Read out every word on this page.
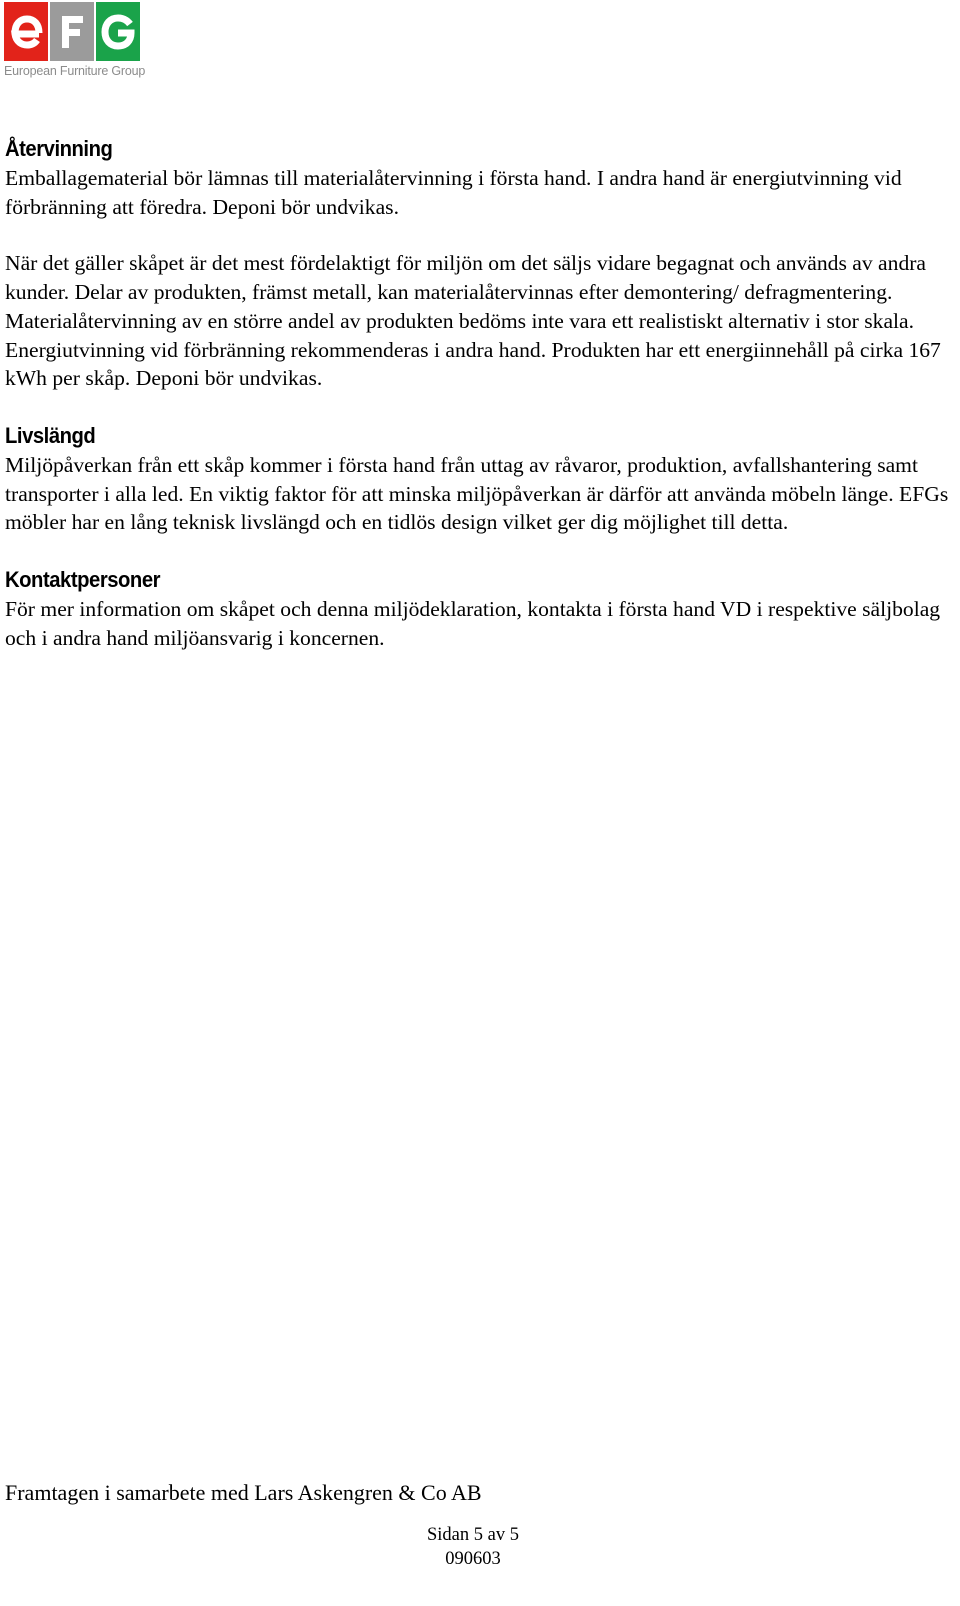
European Furniture Group
Återvinning

Emballagematerial bör lämnas till materialåtervinning i första hand. I andra hand är energiutvinning vid förbränning att föredra. Deponi bör undvikas.

När det gäller skåpet är det mest fördelaktigt för miljön om det säljs vidare begagnat och används av andra kunder. Delar av produkten, främst metall, kan materialåtervinnas efter demontering/ defragmentering. Materialåtervinning av en större andel av produkten bedöms inte vara ett realistiskt alternativ i stor skala. Energiutvinning vid förbränning rekommenderas i andra hand. Produkten har ett energiinnehåll på cirka 167 kWh per skåp. Deponi bör undvikas.

Livslängd

Miljöpåverkan från ett skåp kommer i första hand från uttag av råvaror, produktion, avfallshantering samt transporter i alla led. En viktig faktor för att minska miljöpåverkan är därför att använda möbeln länge. EFGs möbler har en lång teknisk livslängd och en tidlös design vilket ger dig möjlighet till detta.

Kontaktpersoner

För mer information om skåpet och denna miljödeklaration, kontakta i första hand VD i respektive säljbolag och i andra hand miljöansvarig i koncernen.

Framtagen i samarbete med Lars Askengren & Co AB
Sidan 5 av 5
090603
